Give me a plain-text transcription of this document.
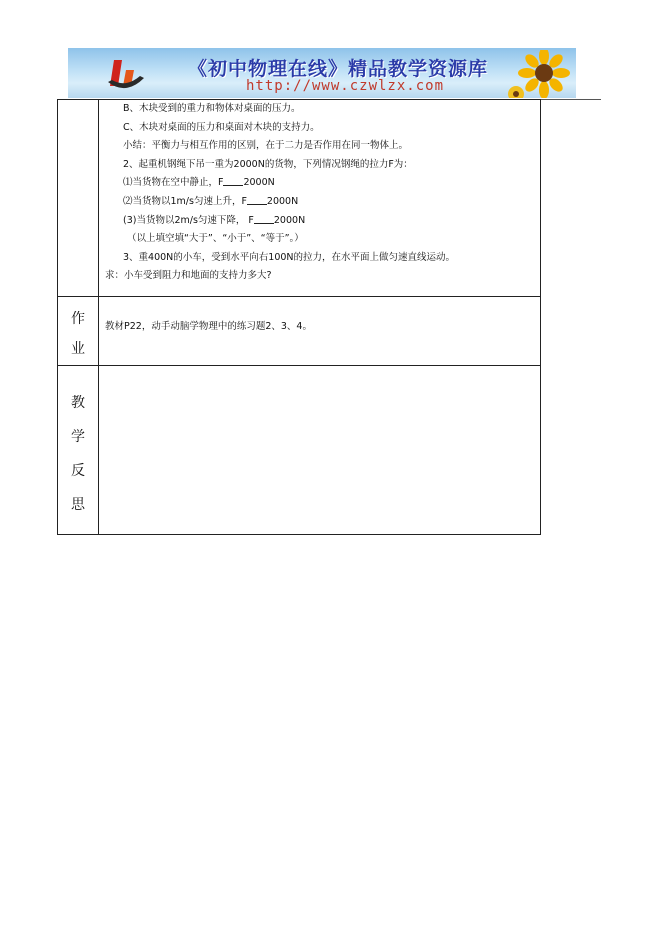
《初中物理在线》精品教学资源库
http://www.czwlzx.com

B、木块受到的重力和物体对桌面的压力。

C、木块对桌面的压力和桌面对木块的支持力。

小结：平衡力与相互作用的区别，在于二力是否作用在同一物体上。

2、起重机钢绳下吊一重为2000N的货物，下列情况钢绳的拉力F为：

⑴当货物在空中静止，F 2000N

⑵当货物以1m/s匀速上升，F 2000N

(3)当货物以2m/s匀速下降， F 2000N

（以上填空填“大于”、“小于”、“等于”。）

3、重400N的小车，受到水平向右100N的拉力，在水平面上做匀速直线运动。

求：小车受到阻力和地面的支持力多大?

作
业
教材P22，动手动脑学物理中的练习题2、3、4。
教
学
反
思
